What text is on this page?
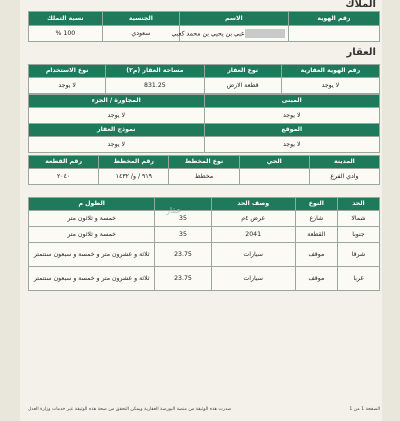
الملاك
رقم الهوية	الاسم	الجنسية	نسبة التملك
	عبي بن يحيي بن محمد كعبي	سعودي	100 %
العقار
رقم الهوية العقارية	نوع العقار	مساحة العقار (م٢)	نوع الاستخدام
لا يوجد	قطعة الارض	831.25	لا يوجد
المبنى	المجاورة / الجزء
لا يوجد	لا يوجد
الموقع	نموذج العقار
لا يوجد	لا يوجد
المدينة	الحي	نوع المخطط	رقم المخطط	رقم القطعة
وادي الفرع		مخطط	٩١٩ / و/ ١٤٣٢	٢٠٤٠
الحد	النوع	وصف الحد		الطول م
شمالا	شارع	عرض ٤م	35	خمسة و ثلاثون متر
جنوبا	القطعة	2041	35	خمسة و ثلاثون متر
شرقا	موقف	سيارات	23.75	ثلاثة و عشرون متر و خمسة و سبعون سنتمتر
غربا	موقف	سيارات	23.75	ثلاثة و عشرون متر و خمسة و سبعون سنتمتر
عقار
صدرت هذه الوثيقة من منصة البورصة العقارية ويمكن التحقق من صحة هذه الوثيقة عبر خدمات وزارة العدل	الصفحة 1 من 1
